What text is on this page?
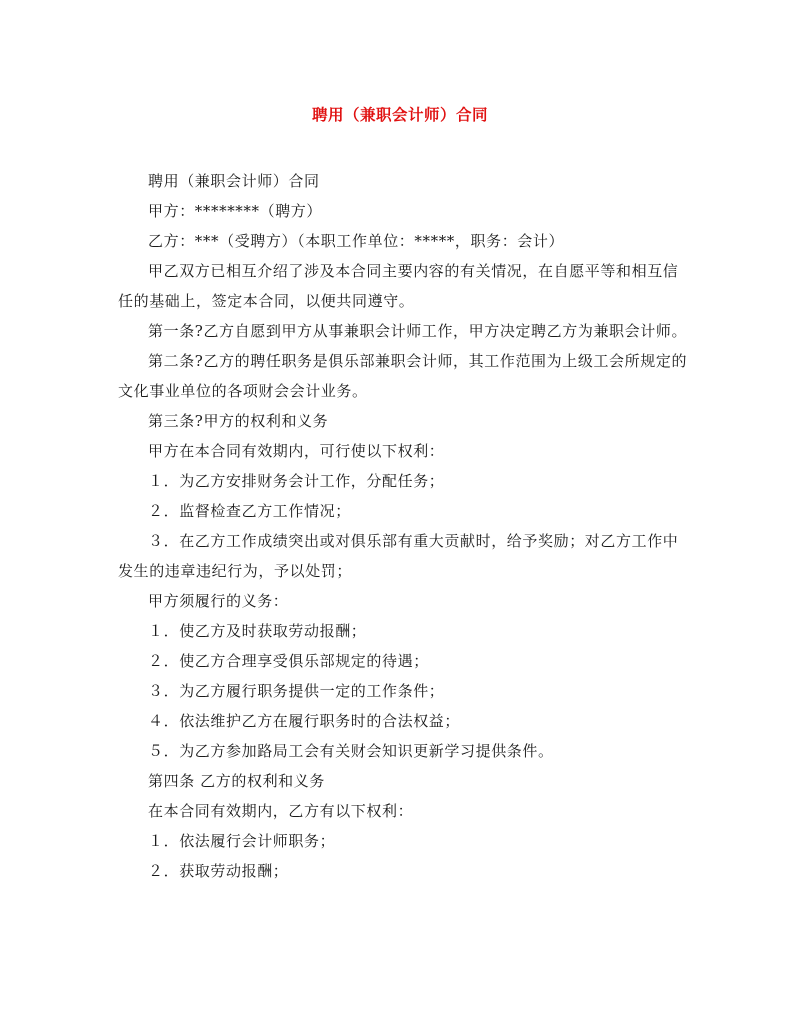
聘用（兼职会计师）合同

聘用（兼职会计师）合同

甲方：********（聘方）

乙方：***（受聘方）（本职工作单位：*****，职务：会计）

甲乙双方已相互介绍了涉及本合同主要内容的有关情况，在自愿平等和相互信任的基础上，签定本合同，以便共同遵守。

第一条?乙方自愿到甲方从事兼职会计师工作，甲方决定聘乙方为兼职会计师。

第二条?乙方的聘任职务是俱乐部兼职会计师，其工作范围为上级工会所规定的文化事业单位的各项财会会计业务。

第三条?甲方的权利和义务

甲方在本合同有效期内，可行使以下权利：

１．为乙方安排财务会计工作，分配任务；

２．监督检查乙方工作情况；

３．在乙方工作成绩突出或对俱乐部有重大贡献时，给予奖励；对乙方工作中发生的违章违纪行为，予以处罚；

甲方须履行的义务：

１．使乙方及时获取劳动报酬；

２．使乙方合理享受俱乐部规定的待遇；

３．为乙方履行职务提供一定的工作条件；

４．依法维护乙方在履行职务时的合法权益；

５．为乙方参加路局工会有关财会知识更新学习提供条件。

第四条 乙方的权利和义务

在本合同有效期内，乙方有以下权利：

１．依法履行会计师职务；

２．获取劳动报酬；
